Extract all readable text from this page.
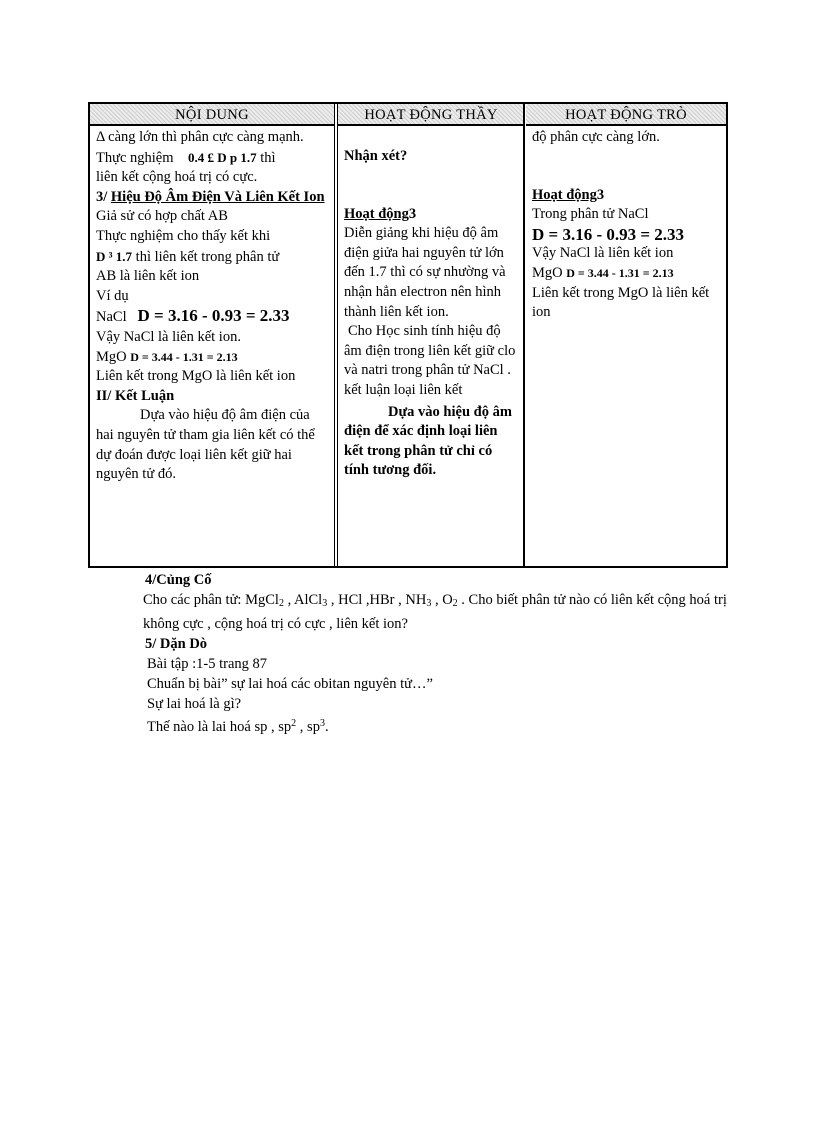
NỘI DUNG	HOẠT ĐỘNG THẦY	HOẠT ĐỘNG TRÒ

Δ càng lớn thì phân cực càng mạnh.

Thực nghiệm 0.4 £ D p 1.7 thì

liên kết cộng hoá trị có cực.

3/ Hiệu Độ Âm Điện Và Liên Kết Ion

Giả sử có hợp chất AB

Thực nghiệm cho thấy kết khi

D ³ 1.7 thì liên kết trong phân tử

AB là liên kết ion

Ví dụ

NaCl D = 3.16 - 0.93 = 2.33

Vậy NaCl là liên kết ion.

MgO D = 3.44 - 1.31 = 2.13

Liên kết trong MgO là liên kết ion

II/ Kết Luận

Dựa vào hiệu độ âm điện của hai nguyên tử tham gia liên kết có thể dự đoán được loại liên kết giữ hai nguyên tử đó.

Nhận xét?

Hoạt động3

Diễn giảng khi hiệu độ âm điện giửa hai nguyên tử lớn đến 1.7 thì có sự nhường và nhận hẳn electron nên hình thành liên kết ion.

Cho Học sinh tính hiệu độ âm điện trong liên kết giữ clo và natri trong phân tử NaCl . kết luận loại liên kết

Dựa vào hiệu độ âm điện để xác định loại liên kết trong phân tử chỉ có tính tương đối.

độ phân cực càng lớn.

Hoạt động3

Trong phân tử NaCl

D = 3.16 - 0.93 = 2.33

Vậy NaCl là liên kết ion

MgO D = 3.44 - 1.31 = 2.13

Liên kết trong MgO là liên kết ion

4/Củng Cố

Cho các phân tử: MgCl$_2$ , AlCl$_3$ , HCl ,HBr , $NH_3$ , $O_2$ . Cho biết phân tử nào có liên kết cộng hoá trị không cực , cộng hoá trị có cực , liên kết ion?

5/ Dặn Dò

Bài tập :1-5 trang 87

Chuẩn bị bài” sự lai hoá các obitan nguyên tử…”

Sự lai hoá là gì?

Thế nào là lai hoá sp , $sp^2$ , $sp^3$.
